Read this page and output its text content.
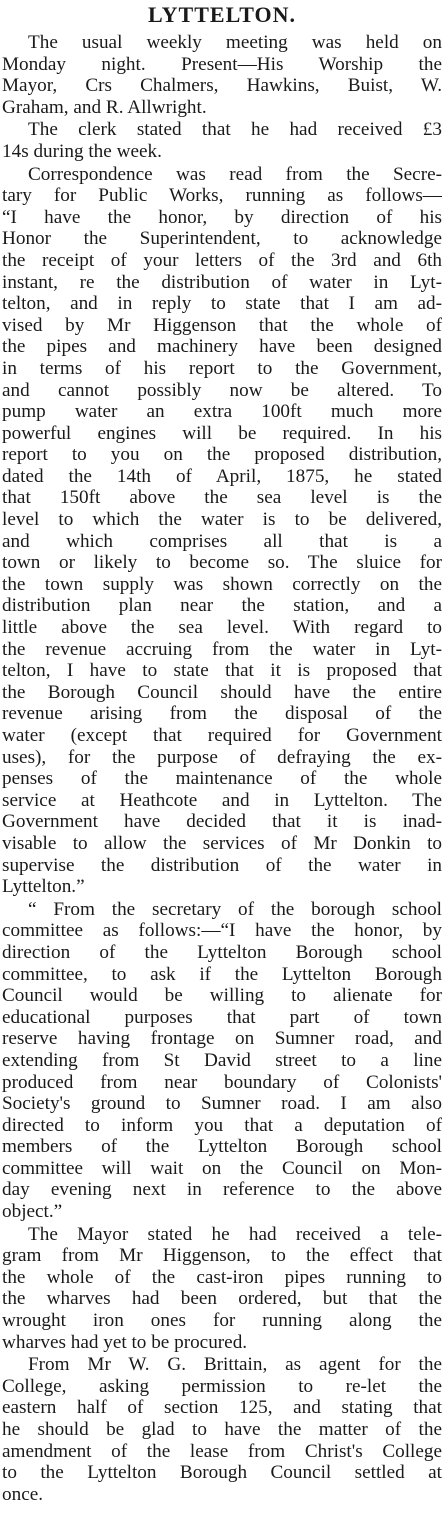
LYTTELTON.
The usual weekly meeting was held on
Monday night. Present—His Worship the
Mayor, Crs Chalmers, Hawkins, Buist, W.
Graham, and R. Allwright.
The clerk stated that he had received £3
14s during the week.
Correspondence was read from the Secre-
tary for Public Works, running as follows—
“I have the honor, by direction of his
Honor the Superintendent, to acknowledge
the receipt of your letters of the 3rd and 6th
instant, re the distribution of water in Lyt-
telton, and in reply to state that I am ad-
vised by Mr Higgenson that the whole of
the pipes and machinery have been designed
in terms of his report to the Government,
and cannot possibly now be altered. To
pump water an extra 100ft much more
powerful engines will be required. In his
report to you on the proposed distribution,
dated the 14th of April, 1875, he stated
that 150ft above the sea level is the
level to which the water is to be delivered,
and which comprises all that is a
town or likely to become so. The sluice for
the town supply was shown correctly on the
distribution plan near the station, and a
little above the sea level. With regard to
the revenue accruing from the water in Lyt-
telton, I have to state that it is proposed that
the Borough Council should have the entire
revenue arising from the disposal of the
water (except that required for Government
uses), for the purpose of defraying the ex-
penses of the maintenance of the whole
service at Heathcote and in Lyttelton. The
Government have decided that it is inad-
visable to allow the services of Mr Donkin to
supervise the distribution of the water in
Lyttelton.”
“ From the secretary of the borough school
committee as follows:—“I have the honor, by
direction of the Lyttelton Borough school
committee, to ask if the Lyttelton Borough
Council would be willing to alienate for
educational purposes that part of town
reserve having frontage on Sumner road, and
extending from St David street to a line
produced from near boundary of Colonists'
Society's ground to Sumner road. I am also
directed to inform you that a deputation of
members of the Lyttelton Borough school
committee will wait on the Council on Mon-
day evening next in reference to the above
object.”
The Mayor stated he had received a tele-
gram from Mr Higgenson, to the effect that
the whole of the cast-iron pipes running to
the wharves had been ordered, but that the
wrought iron ones for running along the
wharves had yet to be procured.
From Mr W. G. Brittain, as agent for the
College, asking permission to re-let the
eastern half of section 125, and stating that
he should be glad to have the matter of the
amendment of the lease from Christ's College
to the Lyttelton Borough Council settled at
once.
